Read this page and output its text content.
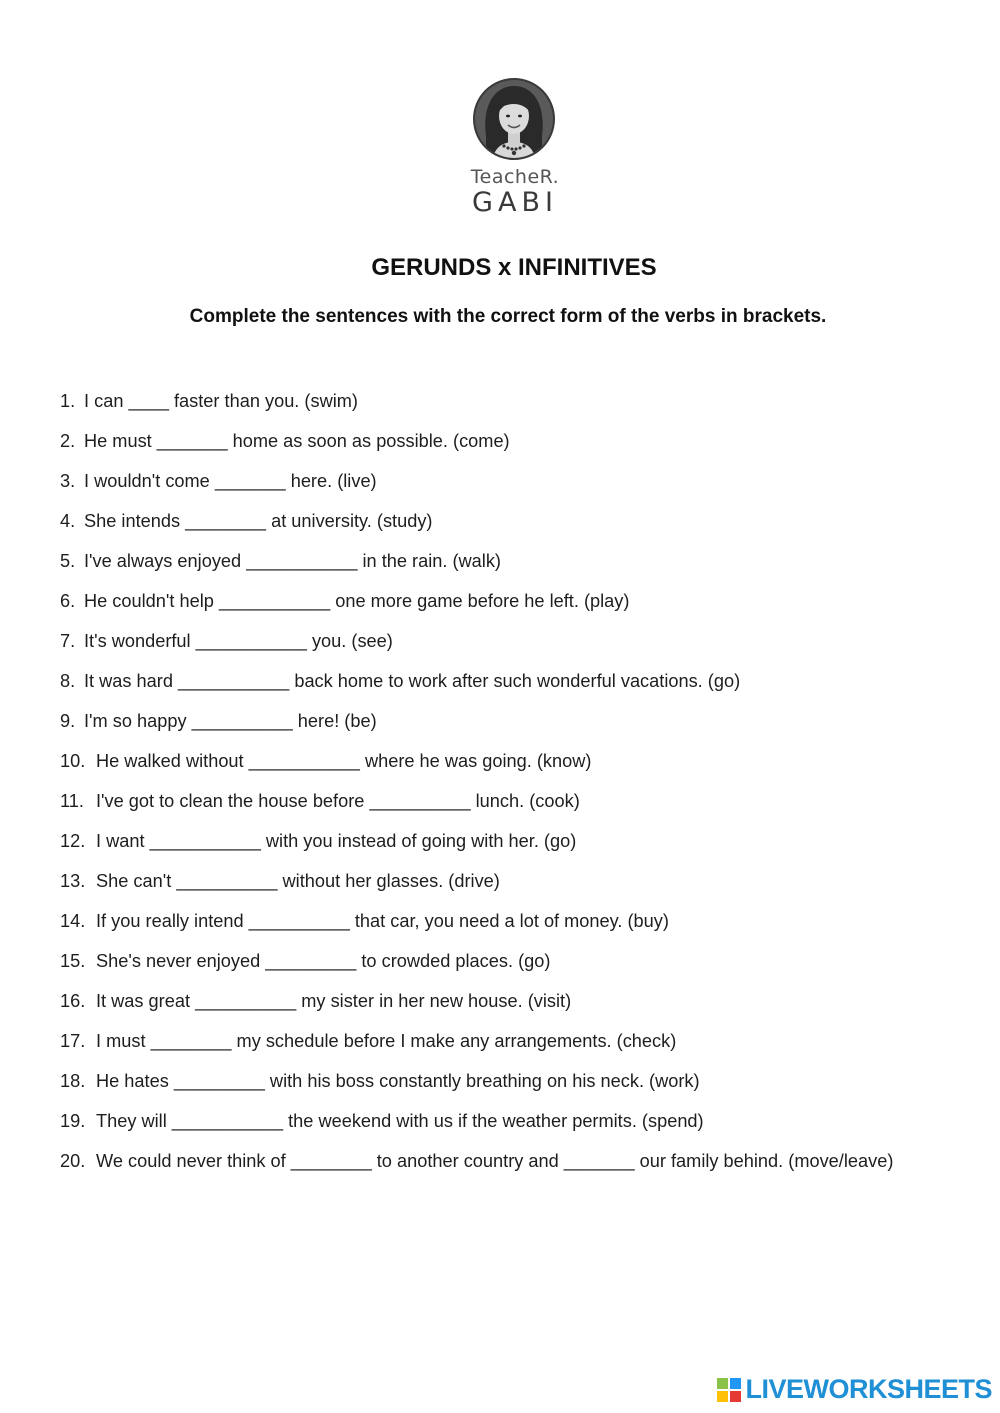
TeacheR.
GABI
GERUNDS x INFINITIVES
Complete the sentences with the correct form of the verbs in brackets.
1. I can ____ faster than you. (swim)
2. He must _______ home as soon as possible. (come)
3. I wouldn't come _______ here. (live)
4. She intends ________ at university. (study)
5. I've always enjoyed ___________ in the rain. (walk)
6. He couldn't help ___________ one more game before he left. (play)
7. It's wonderful ___________ you. (see)
8. It was hard ___________ back home to work after such wonderful vacations. (go)
9. I'm so happy __________ here! (be)
10. He walked without ___________ where he was going. (know)
11. I've got to clean the house before __________ lunch. (cook)
12. I want ___________ with you instead of going with her. (go)
13. She can't __________ without her glasses. (drive)
14. If you really intend __________ that car, you need a lot of money. (buy)
15. She's never enjoyed _________ to crowded places. (go)
16. It was great __________ my sister in her new house. (visit)
17. I must ________ my schedule before I make any arrangements. (check)
18. He hates _________ with his boss constantly breathing on his neck. (work)
19. They will ___________ the weekend with us if the weather permits. (spend)
20. We could never think of ________ to another country and _______ our family behind. (move/leave)
LIVEWORKSHEETS
